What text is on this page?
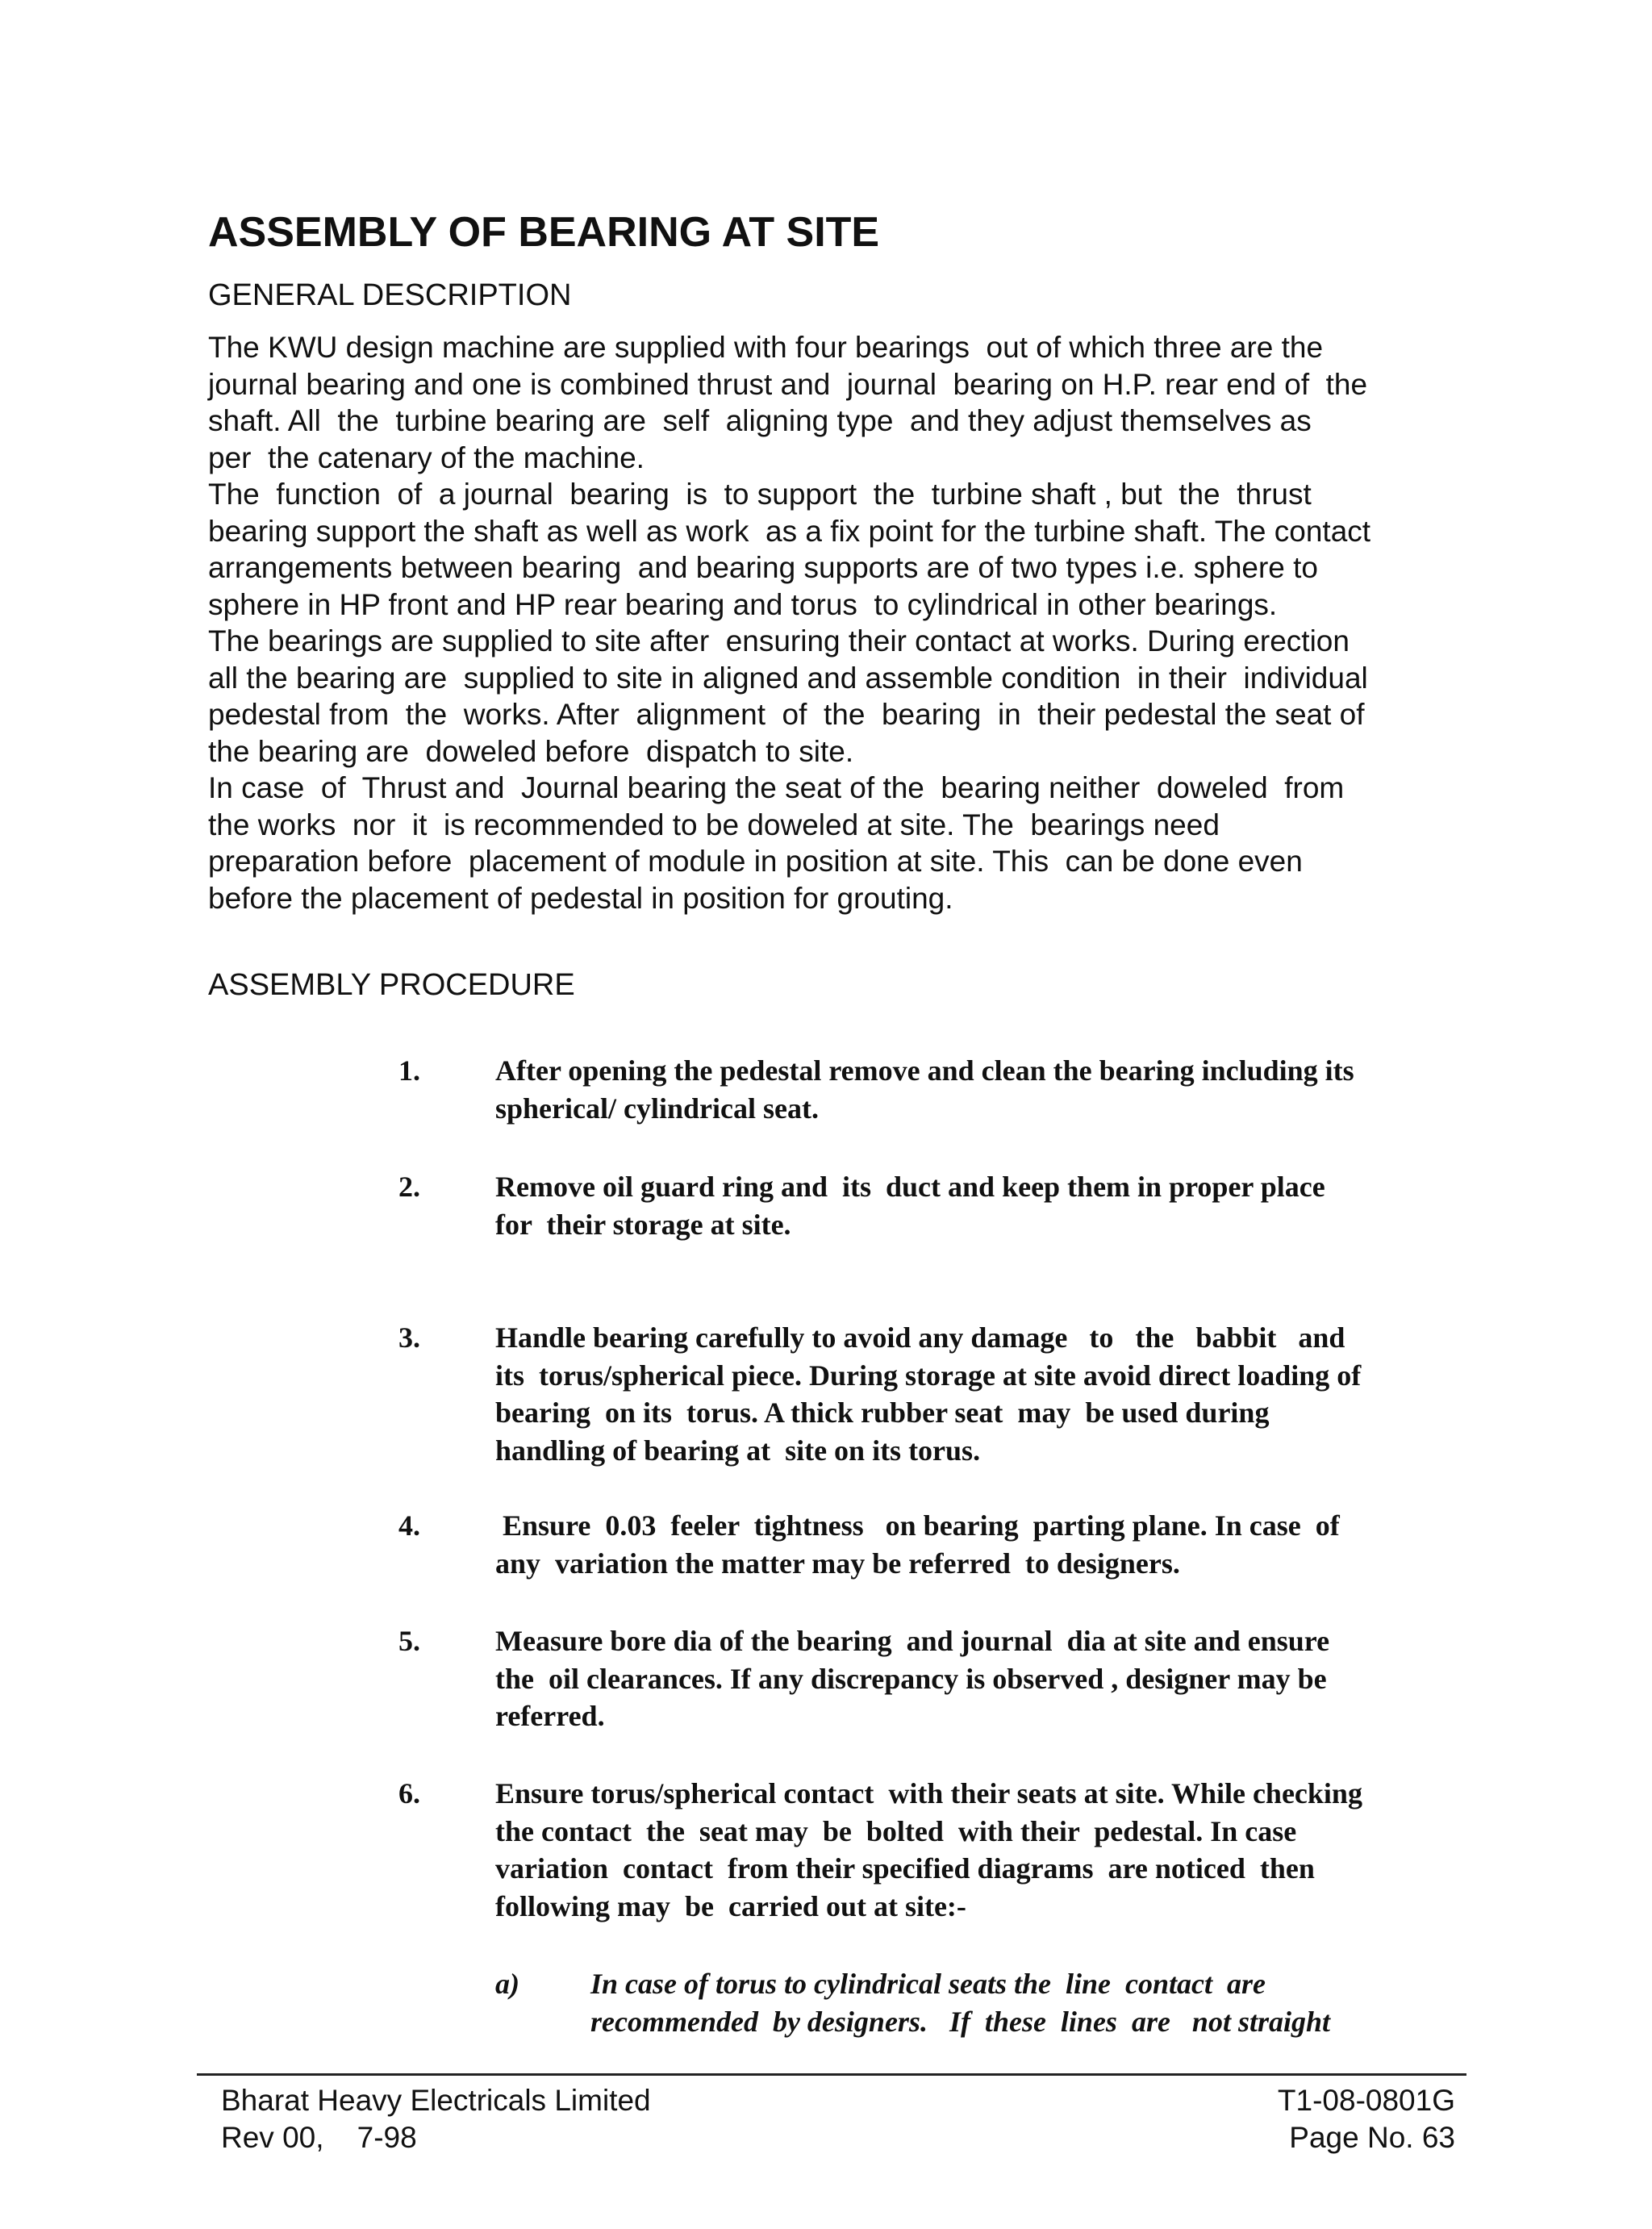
ASSEMBLY OF BEARING AT SITE
GENERAL DESCRIPTION
The KWU design machine are supplied with four bearings  out of which three are the
journal bearing and one is combined thrust and  journal  bearing on H.P. rear end of  the
shaft. All  the  turbine bearing are  self  aligning type  and they adjust themselves as
per  the catenary of the machine.
The  function  of  a journal  bearing  is  to support  the  turbine shaft , but  the  thrust
bearing support the shaft as well as work  as a fix point for the turbine shaft. The contact
arrangements between bearing  and bearing supports are of two types i.e. sphere to
sphere in HP front and HP rear bearing and torus  to cylindrical in other bearings.
The bearings are supplied to site after  ensuring their contact at works. During erection
all the bearing are  supplied to site in aligned and assemble condition  in their  individual
pedestal from  the  works. After  alignment  of  the  bearing  in  their pedestal the seat of
the bearing are  doweled before  dispatch to site.
In case  of  Thrust and  Journal bearing the seat of the  bearing neither  doweled  from
the works  nor  it  is recommended to be doweled at site. The  bearings need
preparation before  placement of module in position at site. This  can be done even
before the placement of pedestal in position for grouting.
ASSEMBLY PROCEDURE
1.	After opening the pedestal remove and clean the bearing including its
spherical/ cylindrical seat.
2.	Remove oil guard ring and  its  duct and keep them in proper place
for  their storage at site.
3.	Handle bearing carefully to avoid any damage   to   the   babbit   and
its  torus/spherical piece. During storage at site avoid direct loading of
bearing  on its  torus. A thick rubber seat  may  be used during
handling of bearing at  site on its torus.
4.	Ensure  0.03  feeler  tightness   on bearing  parting plane. In case  of
any  variation the matter may be referred  to designers.
5.	Measure bore dia of the bearing  and journal  dia at site and ensure
the  oil clearances. If any discrepancy is observed , designer may be
referred.
6.	Ensure torus/spherical contact  with their seats at site. While checking
the contact  the  seat may  be  bolted  with their  pedestal. In case
variation  contact  from their specified diagrams  are noticed  then
following may  be  carried out at site:-
a) In case of torus to cylindrical seats the  line  contact  are
recommended  by designers.   If  these  lines  are   not straight
Bharat Heavy Electricals Limited
Rev 00,    7-98
T1-08-0801G
Page No. 63
